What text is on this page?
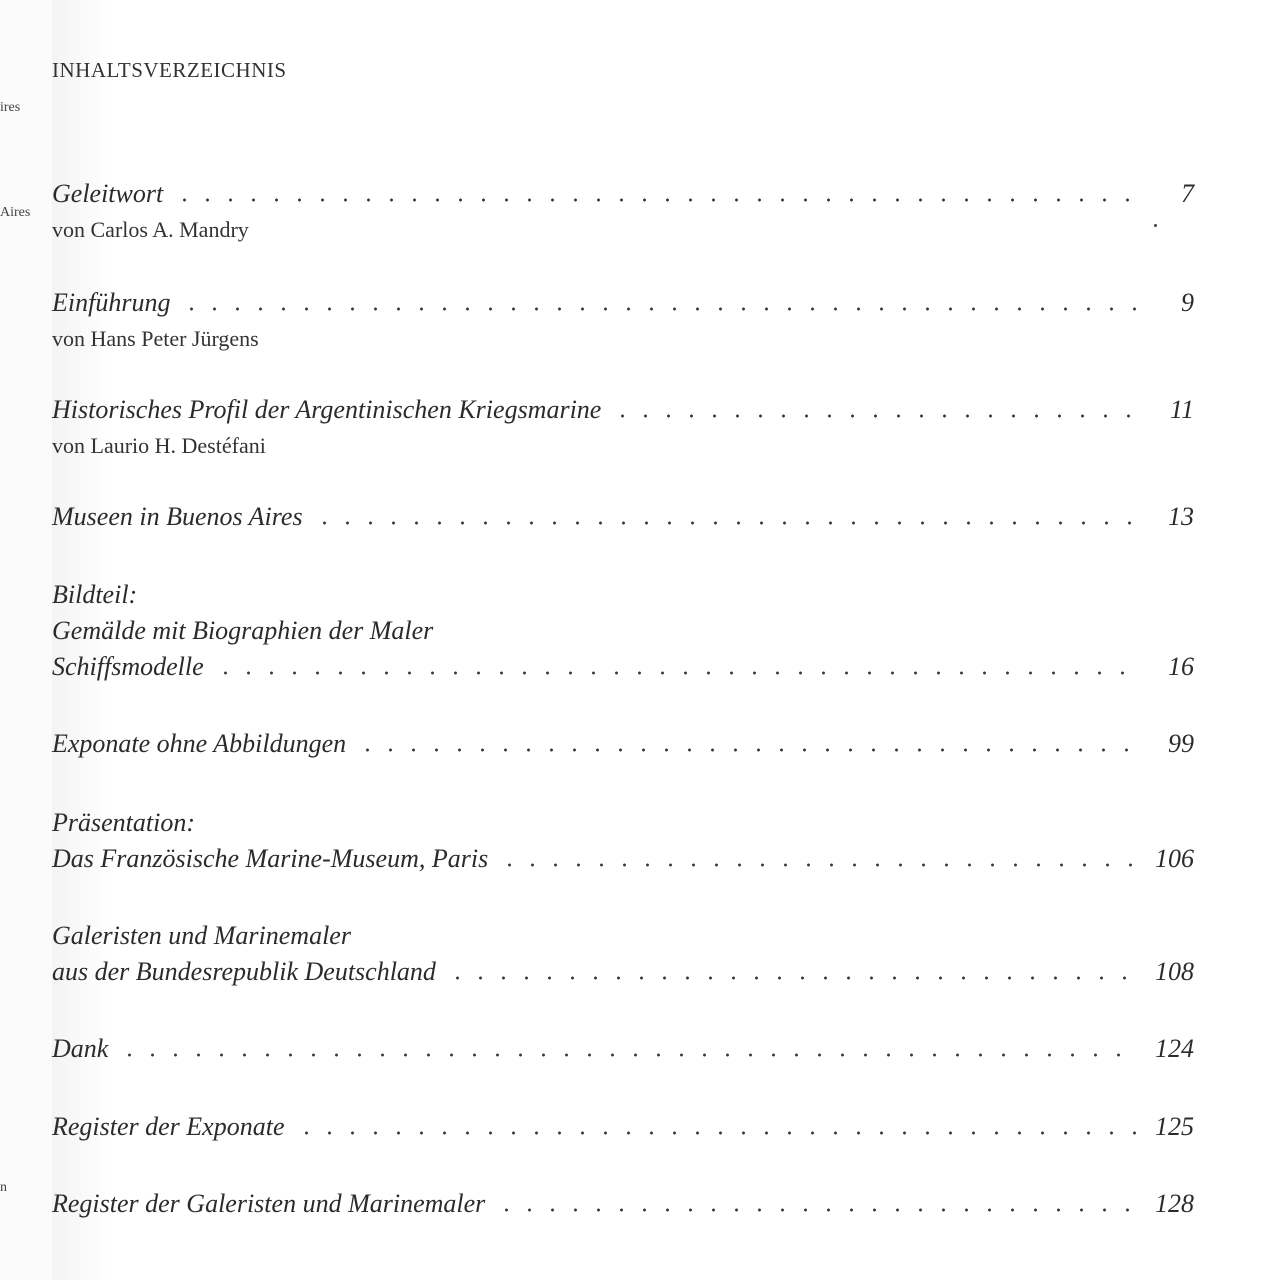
ires
Aires
n
INHALTSVERZEICHNIS
Geleitwort	7
von Carlos A. Mandry
Einführung	9
von Hans Peter Jürgens
Historisches Profil der Argentinischen Kriegsmarine	11
von Laurio H. Destéfani
Museen in Buenos Aires	13
Bildteil:
Gemälde mit Biographien der Maler
Schiffsmodelle	16
Exponate ohne Abbildungen	99
Präsentation:
Das Französische Marine-Museum, Paris	106
Galeristen und Marinemaler
aus der Bundesrepublik Deutschland	108
Dank	124
Register der Exponate	125
Register der Galeristen und Marinemaler	128
